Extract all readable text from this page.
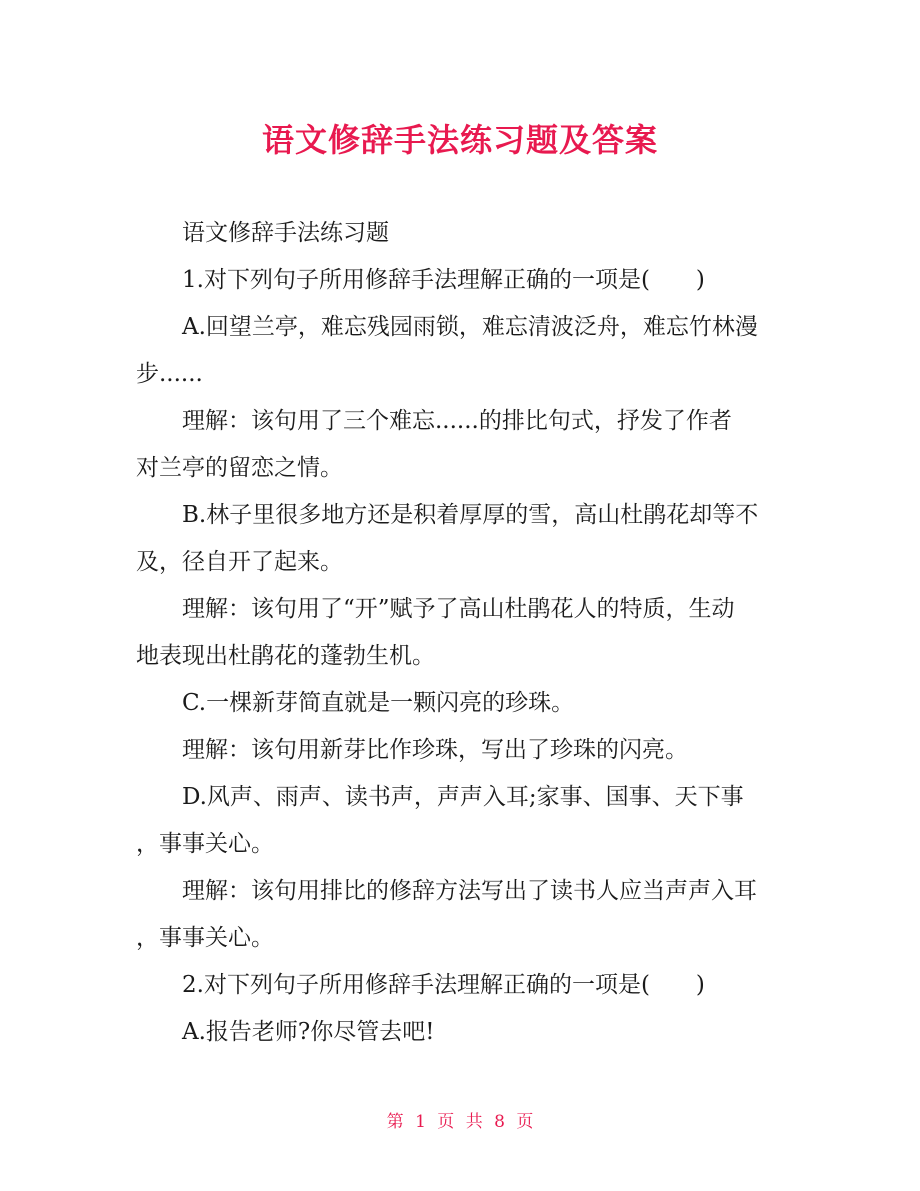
语文修辞手法练习题及答案

语文修辞手法练习题

1.对下列句子所用修辞手法理解正确的一项是(　　)

A.回望兰亭，难忘残园雨锁，难忘清波泛舟，难忘竹林漫

步......

理解：该句用了三个难忘......的排比句式，抒发了作者

对兰亭的留恋之情。

B.林子里很多地方还是积着厚厚的雪，高山杜鹃花却等不

及，径自开了起来。

理解：该句用了“开”赋予了高山杜鹃花人的特质，生动

地表现出杜鹃花的蓬勃生机。

C.一棵新芽简直就是一颗闪亮的珍珠。

理解：该句用新芽比作珍珠，写出了珍珠的闪亮。

D.风声、雨声、读书声，声声入耳;家事、国事、天下事

，事事关心。

理解：该句用排比的修辞方法写出了读书人应当声声入耳

，事事关心。

2.对下列句子所用修辞手法理解正确的一项是(　　)

A.报告老师?你尽管去吧!

第 1 页 共 8 页
